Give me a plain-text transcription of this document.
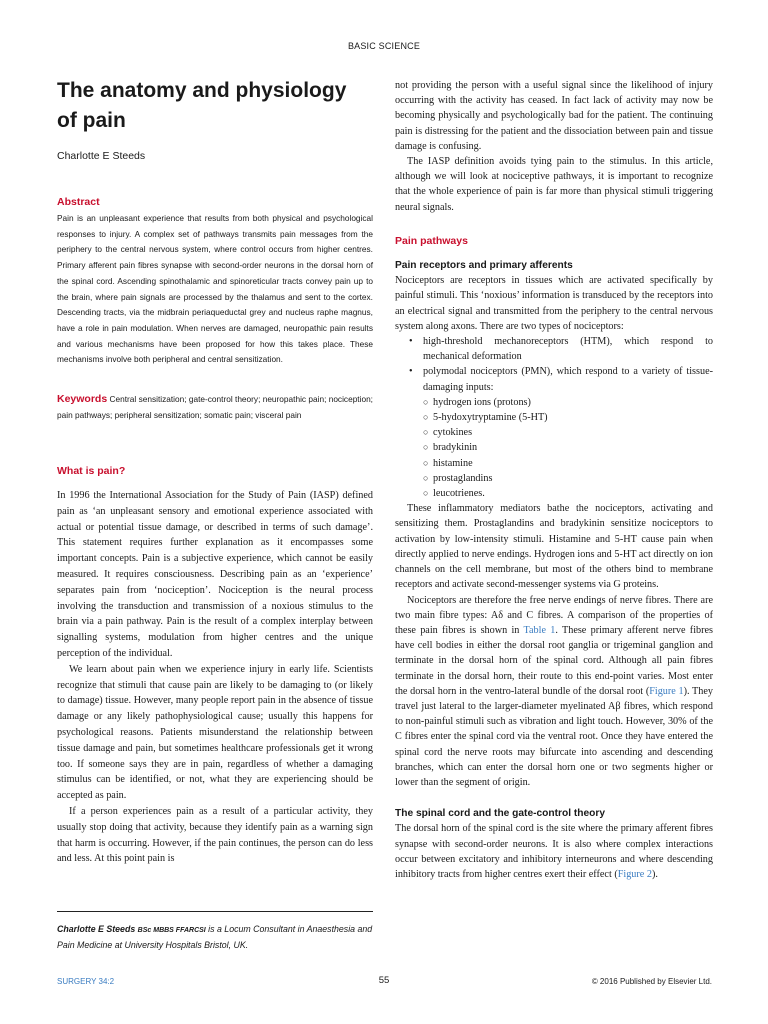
BASIC SCIENCE
The anatomy and physiology of pain
Charlotte E Steeds
Abstract

Pain is an unpleasant experience that results from both physical and psychological responses to injury. A complex set of pathways transmits pain messages from the periphery to the central nervous system, where control occurs from higher centres. Primary afferent pain fibres synapse with second-order neurons in the dorsal horn of the spinal cord. Ascending spinothalamic and spinoreticular tracts convey pain up to the brain, where pain signals are processed by the thalamus and sent to the cortex. Descending tracts, via the midbrain periaqueductal grey and nucleus raphe magnus, have a role in pain modulation. When nerves are damaged, neuropathic pain results and various mechanisms have been proposed for how this takes place. These mechanisms involve both peripheral and central sensitization.

Keywords Central sensitization; gate-control theory; neuropathic pain; nociception; pain pathways; peripheral sensitization; somatic pain; visceral pain

What is pain?

In 1996 the International Association for the Study of Pain (IASP) defined pain as ‘an unpleasant sensory and emotional experience associated with actual or potential tissue damage, or described in terms of such damage’. This statement requires further explanation as it encompasses some important concepts. Pain is a subjective experience, which cannot be easily measured. It requires consciousness. Describing pain as an ‘experience’ separates pain from ‘nociception’. Nociception is the neural process involving the transduction and transmission of a noxious stimulus to the brain via a pain pathway. Pain is the result of a complex interplay between signalling systems, modulation from higher centres and the unique perception of the individual.

We learn about pain when we experience injury in early life. Scientists recognize that stimuli that cause pain are likely to be damaging to (or likely to damage) tissue. However, many people report pain in the absence of tissue damage or any likely pathophysiological cause; usually this happens for psychological reasons. Patients misunderstand the relationship between tissue damage and pain, but sometimes healthcare professionals get it wrong too. If someone says they are in pain, regardless of whether a damaging stimulus can be identified, or not, what they are experiencing should be accepted as pain.

If a person experiences pain as a result of a particular activity, they usually stop doing that activity, because they identify pain as a warning sign that harm is occurring. However, if the pain continues, the person can do less and less. At this point pain is

Charlotte E Steeds BSc MBBS FFARCSI is a Locum Consultant in Anaesthesia and Pain Medicine at University Hospitals Bristol, UK.

not providing the person with a useful signal since the likelihood of injury occurring with the activity has ceased. In fact lack of activity may now be becoming physically and psychologically bad for the patient. The continuing pain is distressing for the patient and the dissociation between pain and tissue damage is confusing.

The IASP definition avoids tying pain to the stimulus. In this article, although we will look at nociceptive pathways, it is important to recognize that the whole experience of pain is far more than physical stimuli triggering neural signals.

Pain pathways
Pain receptors and primary afferents

Nociceptors are receptors in tissues which are activated specifically by painful stimuli. This ‘noxious’ information is transduced by the receptors into an electrical signal and transmitted from the periphery to the central nervous system along axons. There are two types of nociceptors:

• high-threshold mechanoreceptors (HTM), which respond to mechanical deformation
• polymodal nociceptors (PMN), which respond to a variety of tissue-damaging inputs:
○ hydrogen ions (protons)
○ 5-hydoxytryptamine (5-HT)
○ cytokines
○ bradykinin
○ histamine
○ prostaglandins
○ leucotrienes.

These inflammatory mediators bathe the nociceptors, activating and sensitizing them. Prostaglandins and bradykinin sensitize nociceptors to activation by low-intensity stimuli. Histamine and 5-HT cause pain when directly applied to nerve endings. Hydrogen ions and 5-HT act directly on ion channels on the cell membrane, but most of the others bind to membrane receptors and activate second-messenger systems via G proteins.

Nociceptors are therefore the free nerve endings of nerve fibres. There are two main fibre types: Aδ and C fibres. A comparison of the properties of these pain fibres is shown in Table 1. These primary afferent nerve fibres have cell bodies in either the dorsal root ganglia or trigeminal ganglion and terminate in the dorsal horn of the spinal cord. Although all pain fibres terminate in the dorsal horn, their route to this end-point varies. Most enter the dorsal horn in the ventro-lateral bundle of the dorsal root (Figure 1). They travel just lateral to the larger-diameter myelinated Aβ fibres, which respond to non-painful stimuli such as vibration and light touch. However, 30% of the C fibres enter the spinal cord via the ventral root. Once they have entered the spinal cord the nerve roots may bifurcate into ascending and descending branches, which can enter the dorsal horn one or two segments higher or lower than the segment of origin.

The spinal cord and the gate-control theory

The dorsal horn of the spinal cord is the site where the primary afferent fibres synapse with second-order neurons. It is also where complex interactions occur between excitatory and inhibitory interneurons and where descending inhibitory tracts from higher centres exert their effect (Figure 2).

SURGERY 34:2	55	© 2016 Published by Elsevier Ltd.
